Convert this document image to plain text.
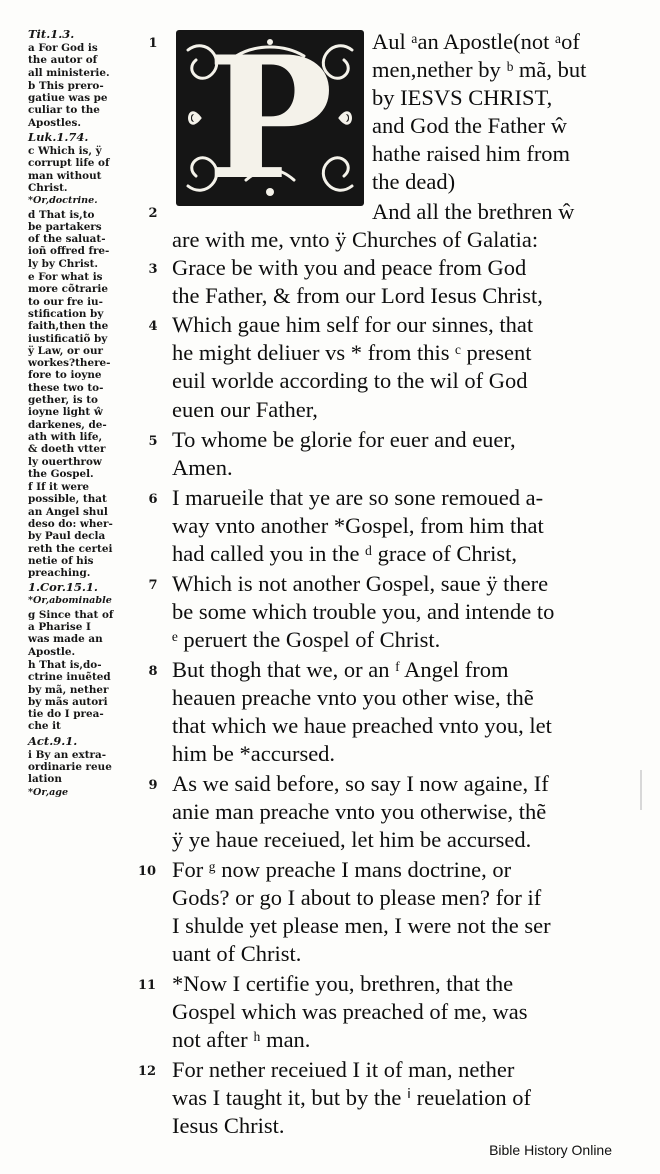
Tit.1.3.
a For God is
the autor of
all ministerie.
b This prero-
gatiue was pe
culiar to the
Apostles.
Luk.1.74.
c Which is, ÿ
corrupt life of
man without
Christ.
*Or,doctrine.
d That is,to
be partakers
of the saluat-
ioñ offred fre-
ly by Christ.
e For what is
more cõtrarie
to our fre iu-
stification by
faith,then the
iustificatiõ by
ÿ Law, or our
workes?there-
fore to ioyne
these two to-
gether, is to
ioyne light ŵ
darkenes, de-
ath with life,
& doeth vtter
ly ouerthrow
the Gospel.
f If it were
possible, that
an Angel shul
deso do: wher-
by Paul decla
reth the certei
netie of his
preaching.
1.Cor.15.1.
*Or,abominable
g Since that of
a Pharise I
was made an
Apostle.
h That is,do-
ctrine inuẽted
by mã, nether
by mãs autori
tie do I prea-
che it
Act.9.1.
i By an extra-
ordinarie reue
lation
*Or,age
P
1
2
3
4
5
6
7
8
9
10
11
12
Aul ᵃan Apostle(not ᵃof
men,nether by ᵇ mã, but
by IESVS CHRIST,
and God the Father ŵ
hathe raised him from
the dead)
And all the brethren ŵ
are with me, vnto ÿ Churches of Galatia:
Grace be with you and peace from God
the Father, & from our Lord Iesus Christ,
Which gaue him self for our sinnes, that
he might deliuer vs * from this ᶜ present
euil worlde according to the wil of God
euen our Father,
To whome be glorie for euer and euer,
Amen.
I marueile that ye are so sone remoued a-
way vnto another *Gospel, from him that
had called you in the ᵈ grace of Christ,
Which is not another Gospel, saue ÿ there
be some which trouble you, and intende to
ᵉ peruert the Gospel of Christ.
But thogh that we, or an ᶠ Angel from
heauen preache vnto you other wise, thẽ
that which we haue preached vnto you, let
him be *accursed.
As we said before, so say I now againe, If
anie man preache vnto you otherwise, thẽ
ÿ ye haue receiued, let him be accursed.
For ᵍ now preache I mans doctrine, or
Gods? or go I about to please men? for if
I shulde yet please men, I were not the ser
uant of Christ.
*Now I certifie you, brethren, that the
Gospel which was preached of me, was
not after ʰ man.
For nether receiued I it of man, nether
was I taught it, but by the ⁱ reuelation of
Iesus Christ.
Bible History Online
